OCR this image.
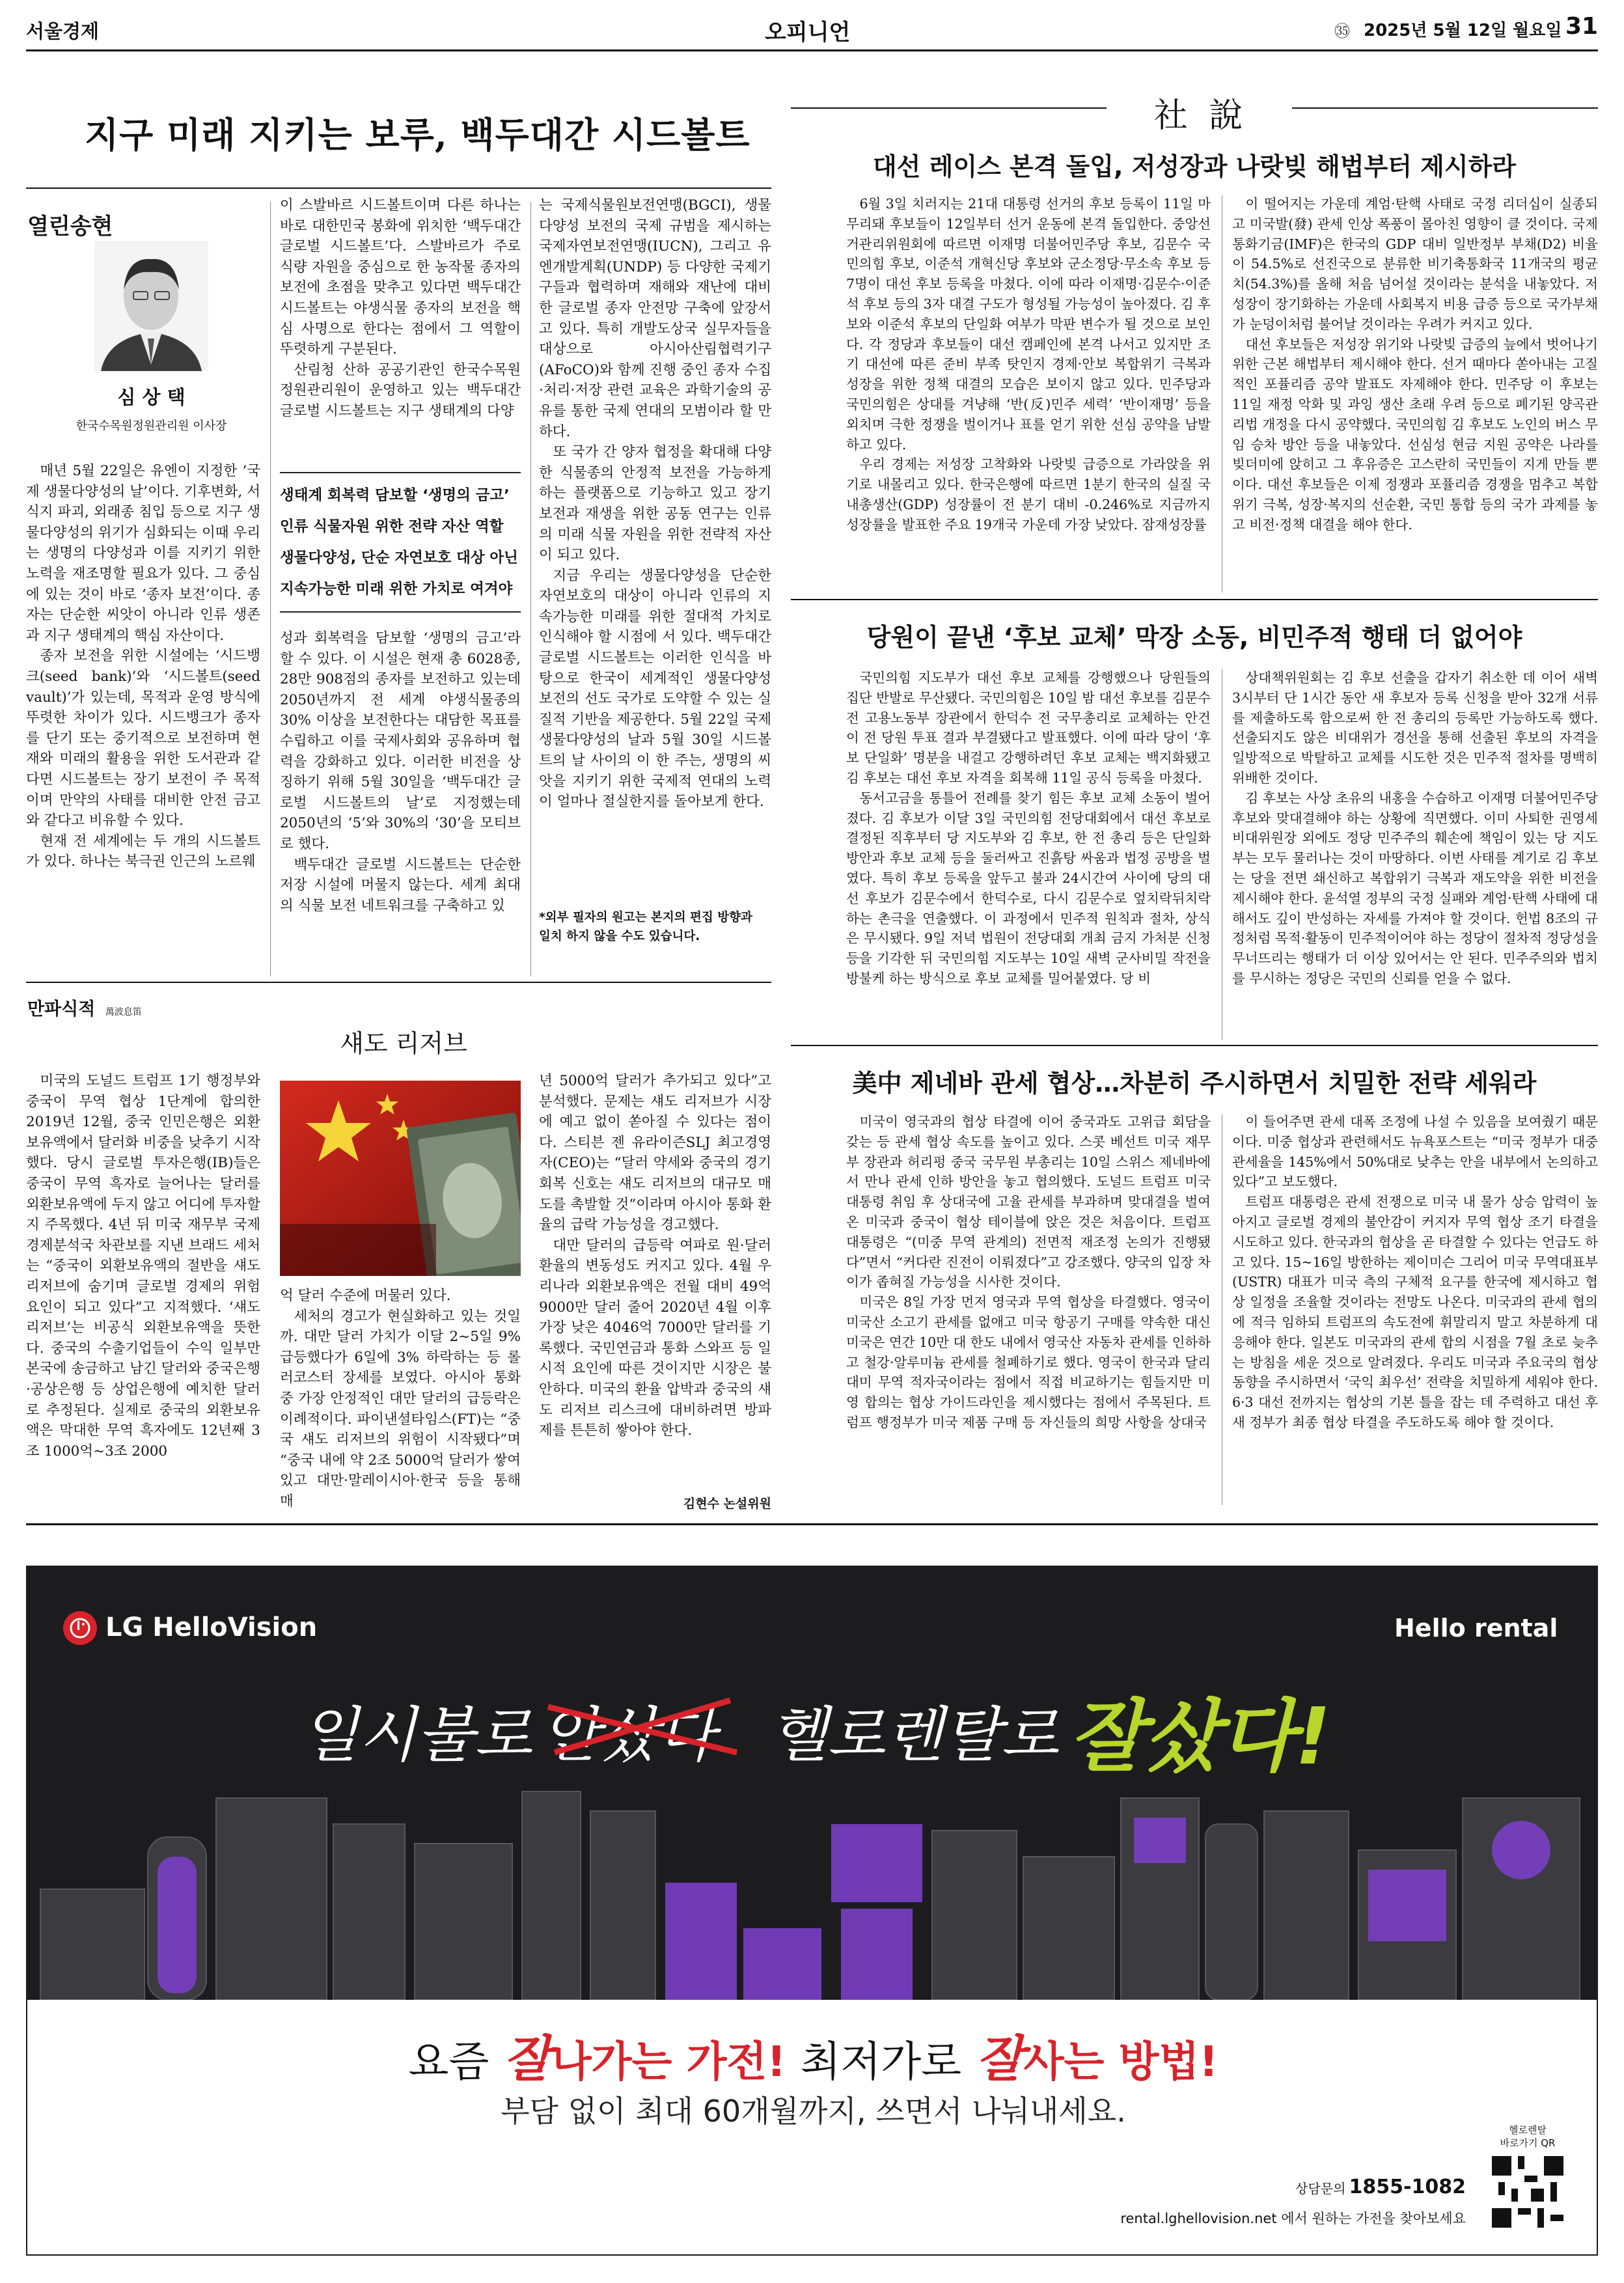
서울경제	오피니언	㉟ 2025년 5월 12일 월요일 31
지구 미래 지키는 보루, 백두대간 시드볼트
열린송현
심 상 택
한국수목원정원관리원 이사장

매년 5월 22일은 유엔이 지정한 ‘국제 생물다양성의 날’이다. 기후변화, 서식지 파괴, 외래종 침입 등으로 지구 생물다양성의 위기가 심화되는 이때 우리는 생명의 다양성과 이를 지키기 위한 노력을 재조명할 필요가 있다. 그 중심에 있는 것이 바로 ‘종자 보전’이다. 종자는 단순한 씨앗이 아니라 인류 생존과 지구 생태계의 핵심 자산이다.

종자 보전을 위한 시설에는 ‘시드뱅크(seed bank)’와 ‘시드볼트(seed vault)’가 있는데, 목적과 운영 방식에 뚜렷한 차이가 있다. 시드뱅크가 종자를 단기 또는 중기적으로 보전하며 현재와 미래의 활용을 위한 도서관과 같다면 시드볼트는 장기 보전이 주 목적이며 만약의 사태를 대비한 안전 금고와 같다고 비유할 수 있다.

현재 전 세계에는 두 개의 시드볼트가 있다. 하나는 북극권 인근의 노르웨

이 스발바르 시드볼트이며 다른 하나는 바로 대한민국 봉화에 위치한 ‘백두대간 글로벌 시드볼트’다. 스발바르가 주로 식량 자원을 중심으로 한 농작물 종자의 보전에 초점을 맞추고 있다면 백두대간 시드볼트는 야생식물 종자의 보전을 핵심 사명으로 한다는 점에서 그 역할이 뚜렷하게 구분된다.

산림청 산하 공공기관인 한국수목원정원관리원이 운영하고 있는 백두대간 글로벌 시드볼트는 지구 생태계의 다양

생태계 회복력 담보할 ‘생명의 금고’
인류 식물자원 위한 전략 자산 역할
생물다양성, 단순 자연보호 대상 아닌
지속가능한 미래 위한 가치로 여겨야

성과 회복력을 담보할 ‘생명의 금고’라 할 수 있다. 이 시설은 현재 총 6028종, 28만 908점의 종자를 보전하고 있는데 2050년까지 전 세계 야생식물종의 30% 이상을 보전한다는 대담한 목표를 수립하고 이를 국제사회와 공유하며 협력을 강화하고 있다. 이러한 비전을 상징하기 위해 5월 30일을 ‘백두대간 글로벌 시드볼트의 날’로 지정했는데 2050년의 ‘5’와 30%의 ‘30’을 모티브로 했다.

백두대간 글로벌 시드볼트는 단순한 저장 시설에 머물지 않는다. 세계 최대의 식물 보전 네트워크를 구축하고 있

는 국제식물원보전연맹(BGCI), 생물다양성 보전의 국제 규범을 제시하는 국제자연보전연맹(IUCN), 그리고 유엔개발계획(UNDP) 등 다양한 국제기구들과 협력하며 재해와 재난에 대비한 글로벌 종자 안전망 구축에 앞장서고 있다. 특히 개발도상국 실무자들을 대상으로 아시아산림협력기구(AFoCO)와 함께 진행 중인 종자 수집·처리·저장 관련 교육은 과학기술의 공유를 통한 국제 연대의 모범이라 할 만하다.

또 국가 간 양자 협정을 확대해 다양한 식물종의 안정적 보전을 가능하게 하는 플랫폼으로 기능하고 있고 장기 보전과 재생을 위한 공동 연구는 인류의 미래 식물 자원을 위한 전략적 자산이 되고 있다.

지금 우리는 생물다양성을 단순한 자연보호의 대상이 아니라 인류의 지속가능한 미래를 위한 절대적 가치로 인식해야 할 시점에 서 있다. 백두대간 글로벌 시드볼트는 이러한 인식을 바탕으로 한국이 세계적인 생물다양성 보전의 선도 국가로 도약할 수 있는 실질적 기반을 제공한다. 5월 22일 국제 생물다양성의 날과 5월 30일 시드볼트의 날 사이의 이 한 주는, 생명의 씨앗을 지키기 위한 국제적 연대의 노력이 얼마나 절실한지를 돌아보게 한다.

*외부 필자의 원고는 본지의 편집 방향과 일치 하지 않을 수도 있습니다.
만파식적 萬波息笛
섀도 리저브

미국의 도널드 트럼프 1기 행정부와 중국이 무역 협상 1단계에 합의한 2019년 12월, 중국 인민은행은 외환보유액에서 달러화 비중을 낮추기 시작했다. 당시 글로벌 투자은행(IB)들은 중국이 무역 흑자로 늘어나는 달러를 외환보유액에 두지 않고 어디에 투자할지 주목했다. 4년 뒤 미국 재무부 국제경제분석국 차관보를 지낸 브래드 세처는 “중국이 외환보유액의 절반을 섀도 리저브에 숨기며 글로벌 경제의 위험 요인이 되고 있다”고 지적했다. ‘섀도 리저브’는 비공식 외환보유액을 뜻한다. 중국의 수출기업들이 수익 일부만 본국에 송금하고 남긴 달러와 중국은행·공상은행 등 상업은행에 예치한 달러로 추정된다. 실제로 중국의 외환보유액은 막대한 무역 흑자에도 12년째 3조 1000억~3조 2000

억 달러 수준에 머물러 있다.

세처의 경고가 현실화하고 있는 것일까. 대만 달러 가치가 이달 2~5일 9% 급등했다가 6일에 3% 하락하는 등 롤러코스터 장세를 보였다. 아시아 통화 중 가장 안정적인 대만 달러의 급등락은 이례적이다. 파이낸셜타임스(FT)는 “중국 섀도 리저브의 위험이 시작됐다”며 “중국 내에 약 2조 5000억 달러가 쌓여 있고 대만·말레이시아·한국 등을 통해 매

년 5000억 달러가 추가되고 있다”고 분석했다. 문제는 섀도 리저브가 시장에 예고 없이 쏟아질 수 있다는 점이다. 스티븐 젠 유라이즌SLJ 최고경영자(CEO)는 “달러 약세와 중국의 경기 회복 신호는 섀도 리저브의 대규모 매도를 촉발할 것”이라며 아시아 통화 환율의 급락 가능성을 경고했다.

대만 달러의 급등락 여파로 원·달러 환율의 변동성도 커지고 있다. 4월 우리나라 외환보유액은 전월 대비 49억 9000만 달러 줄어 2020년 4월 이후 가장 낮은 4046억 7000만 달러를 기록했다. 국민연금과 통화 스와프 등 일시적 요인에 따른 것이지만 시장은 불안하다. 미국의 환율 압박과 중국의 섀도 리저브 리스크에 대비하려면 방파제를 튼튼히 쌓아야 한다.

김현수 논설위원
社 說
대선 레이스 본격 돌입, 저성장과 나랏빚 해법부터 제시하라

6월 3일 치러지는 21대 대통령 선거의 후보 등록이 11일 마무리돼 후보들이 12일부터 선거 운동에 본격 돌입한다. 중앙선거관리위원회에 따르면 이재명 더불어민주당 후보, 김문수 국민의힘 후보, 이준석 개혁신당 후보와 군소정당·무소속 후보 등 7명이 대선 후보 등록을 마쳤다. 이에 따라 이재명·김문수·이준석 후보 등의 3자 대결 구도가 형성될 가능성이 높아졌다. 김 후보와 이준석 후보의 단일화 여부가 막판 변수가 될 것으로 보인다. 각 정당과 후보들이 대선 캠페인에 본격 나서고 있지만 조기 대선에 따른 준비 부족 탓인지 경제·안보 복합위기 극복과 성장을 위한 정책 대결의 모습은 보이지 않고 있다. 민주당과 국민의힘은 상대를 겨냥해 ‘반(反)민주 세력’ ‘반이재명’ 등을 외치며 극한 정쟁을 벌이거나 표를 얻기 위한 선심 공약을 남발하고 있다.

우리 경제는 저성장 고착화와 나랏빚 급증으로 가라앉을 위기로 내몰리고 있다. 한국은행에 따르면 1분기 한국의 실질 국내총생산(GDP) 성장률이 전 분기 대비 -0.246%로 지금까지 성장률을 발표한 주요 19개국 가운데 가장 낮았다. 잠재성장률

이 떨어지는 가운데 계엄·탄핵 사태로 국정 리더십이 실종되고 미국발(發) 관세 인상 폭풍이 몰아친 영향이 클 것이다. 국제통화기금(IMF)은 한국의 GDP 대비 일반정부 부채(D2) 비율이 54.5%로 선진국으로 분류한 비기축통화국 11개국의 평균치(54.3%)를 올해 처음 넘어설 것이라는 분석을 내놓았다. 저성장이 장기화하는 가운데 사회복지 비용 급증 등으로 국가부채가 눈덩이처럼 불어날 것이라는 우려가 커지고 있다.

대선 후보들은 저성장 위기와 나랏빚 급증의 늪에서 벗어나기 위한 근본 해법부터 제시해야 한다. 선거 때마다 쏟아내는 고질적인 포퓰리즘 공약 발표도 자제해야 한다. 민주당 이 후보는 11일 재정 악화 및 과잉 생산 초래 우려 등으로 폐기된 양곡관리법 개정을 다시 공약했다. 국민의힘 김 후보도 노인의 버스 무임 승차 방안 등을 내놓았다. 선심성 현금 지원 공약은 나라를 빚더미에 앉히고 그 후유증은 고스란히 국민들이 지게 만들 뿐이다. 대선 후보들은 이제 정쟁과 포퓰리즘 경쟁을 멈추고 복합위기 극복, 성장·복지의 선순환, 국민 통합 등의 국가 과제를 놓고 비전·정책 대결을 해야 한다.

당원이 끝낸 ‘후보 교체’ 막장 소동, 비민주적 행태 더 없어야

국민의힘 지도부가 대선 후보 교체를 강행했으나 당원들의 집단 반발로 무산됐다. 국민의힘은 10일 밤 대선 후보를 김문수 전 고용노동부 장관에서 한덕수 전 국무총리로 교체하는 안건이 전 당원 투표 결과 부결됐다고 발표했다. 이에 따라 당이 ‘후보 단일화’ 명분을 내걸고 강행하려던 후보 교체는 백지화됐고 김 후보는 대선 후보 자격을 회복해 11일 공식 등록을 마쳤다.

동서고금을 통틀어 전례를 찾기 힘든 후보 교체 소동이 벌어졌다. 김 후보가 이달 3일 국민의힘 전당대회에서 대선 후보로 결정된 직후부터 당 지도부와 김 후보, 한 전 총리 등은 단일화 방안과 후보 교체 등을 둘러싸고 진흙탕 싸움과 법정 공방을 벌였다. 특히 후보 등록을 앞두고 불과 24시간여 사이에 당의 대선 후보가 김문수에서 한덕수로, 다시 김문수로 엎치락뒤치락하는 촌극을 연출했다. 이 과정에서 민주적 원칙과 절차, 상식은 무시됐다. 9일 저녁 법원이 전당대회 개최 금지 가처분 신청 등을 기각한 뒤 국민의힘 지도부는 10일 새벽 군사비밀 작전을 방불케 하는 방식으로 후보 교체를 밀어붙였다. 당 비

상대책위원회는 김 후보 선출을 갑자기 취소한 데 이어 새벽 3시부터 단 1시간 동안 새 후보자 등록 신청을 받아 32개 서류를 제출하도록 함으로써 한 전 총리의 등록만 가능하도록 했다. 선출되지도 않은 비대위가 경선을 통해 선출된 후보의 자격을 일방적으로 박탈하고 교체를 시도한 것은 민주적 절차를 명백히 위배한 것이다.

김 후보는 사상 초유의 내홍을 수습하고 이재명 더불어민주당 후보와 맞대결해야 하는 상황에 직면했다. 이미 사퇴한 권영세 비대위원장 외에도 정당 민주주의 훼손에 책임이 있는 당 지도부는 모두 물러나는 것이 마땅하다. 이번 사태를 계기로 김 후보는 당을 전면 쇄신하고 복합위기 극복과 재도약을 위한 비전을 제시해야 한다. 윤석열 정부의 국정 실패와 계엄·탄핵 사태에 대해서도 깊이 반성하는 자세를 가져야 할 것이다. 헌법 8조의 규정처럼 목적·활동이 민주적이어야 하는 정당이 절차적 정당성을 무너뜨리는 행태가 더 이상 있어서는 안 된다. 민주주의와 법치를 무시하는 정당은 국민의 신뢰를 얻을 수 없다.

美中 제네바 관세 협상…차분히 주시하면서 치밀한 전략 세워라

미국이 영국과의 협상 타결에 이어 중국과도 고위급 회담을 갖는 등 관세 협상 속도를 높이고 있다. 스콧 베선트 미국 재무부 장관과 허리펑 중국 국무원 부총리는 10일 스위스 제네바에서 만나 관세 인하 방안을 놓고 협의했다. 도널드 트럼프 미국 대통령 취임 후 상대국에 고율 관세를 부과하며 맞대결을 벌여온 미국과 중국이 협상 테이블에 앉은 것은 처음이다. 트럼프 대통령은 “(미중 무역 관계의) 전면적 재조정 논의가 진행됐다”면서 “커다란 진전이 이뤄졌다”고 강조했다. 양국의 입장 차이가 좁혀질 가능성을 시사한 것이다.

미국은 8일 가장 먼저 영국과 무역 협상을 타결했다. 영국이 미국산 소고기 관세를 없애고 미국 항공기 구매를 약속한 대신 미국은 연간 10만 대 한도 내에서 영국산 자동차 관세를 인하하고 철강·알루미늄 관세를 철폐하기로 했다. 영국이 한국과 달리 대미 무역 적자국이라는 점에서 직접 비교하기는 힘들지만 미영 합의는 협상 가이드라인을 제시했다는 점에서 주목된다. 트럼프 행정부가 미국 제품 구매 등 자신들의 희망 사항을 상대국

이 들어주면 관세 대폭 조정에 나설 수 있음을 보여줬기 때문이다. 미중 협상과 관련해서도 뉴욕포스트는 “미국 정부가 대중 관세율을 145%에서 50%대로 낮추는 안을 내부에서 논의하고 있다”고 보도했다.

트럼프 대통령은 관세 전쟁으로 미국 내 물가 상승 압력이 높아지고 글로벌 경제의 불안감이 커지자 무역 협상 조기 타결을 시도하고 있다. 한국과의 협상을 곧 타결할 수 있다는 언급도 하고 있다. 15~16일 방한하는 제이미슨 그리어 미국 무역대표부(USTR) 대표가 미국 측의 구체적 요구를 한국에 제시하고 협상 일정을 조율할 것이라는 전망도 나온다. 미국과의 관세 협의에 적극 임하되 트럼프의 속도전에 휘말리지 말고 차분하게 대응해야 한다. 일본도 미국과의 관세 합의 시점을 7월 초로 늦추는 방침을 세운 것으로 알려졌다. 우리도 미국과 주요국의 협상 동향을 주시하면서 ‘국익 최우선’ 전략을 치밀하게 세워야 한다. 6·3 대선 전까지는 협상의 기본 틀을 잡는 데 주력하고 대선 후 새 정부가 최종 협상 타결을 주도하도록 해야 할 것이다.

LG HelloVision	Hello rental
일시불로 안샀다 헬로렌탈로 잘샀다!
요즘 잘나가는 가전! 최저가로 잘사는 방법!
부담 없이 최대 60개월까지, 쓰면서 나눠내세요.
상담문의 1855-1082
rental.lghellovision.net 에서 원하는 가전을 찾아보세요
헬로렌탈
바로가기 QR
